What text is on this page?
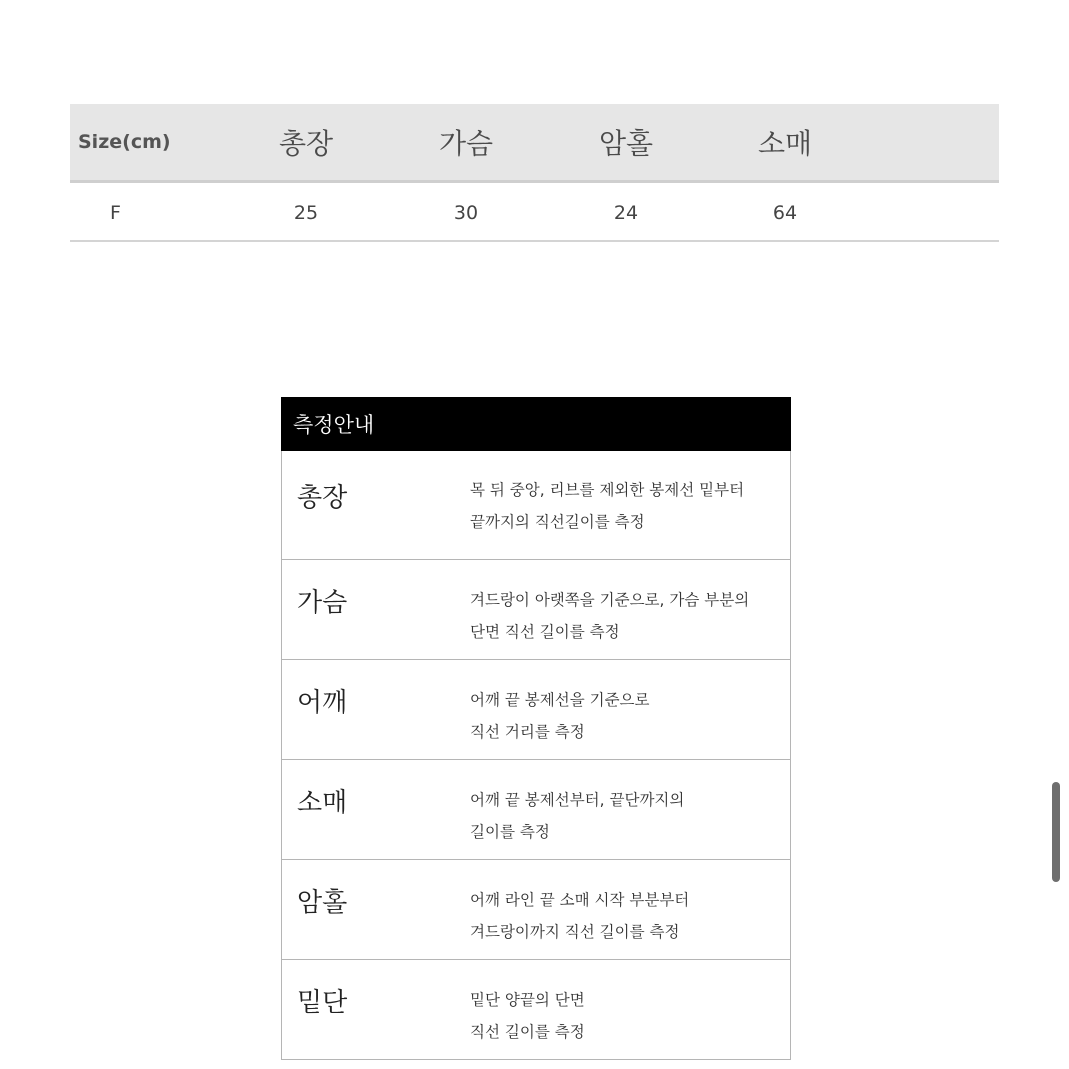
Size(cm)	총장	가슴	암홀	소매
F	25	30	24	64
측정안내
총장	목 뒤 중앙, 리브를 제외한 봉제선 밑부터
끝까지의 직선길이를 측정
가슴	겨드랑이 아랫쪽을 기준으로, 가슴 부분의
단면 직선 길이를 측정
어깨	어깨 끝 봉제선을 기준으로
직선 거리를 측정
소매	어깨 끝 봉제선부터, 끝단까지의
길이를 측정
암홀	어깨 라인 끝 소매 시작 부분부터
겨드랑이까지 직선 길이를 측정
밑단	밑단 양끝의 단면
직선 길이를 측정
